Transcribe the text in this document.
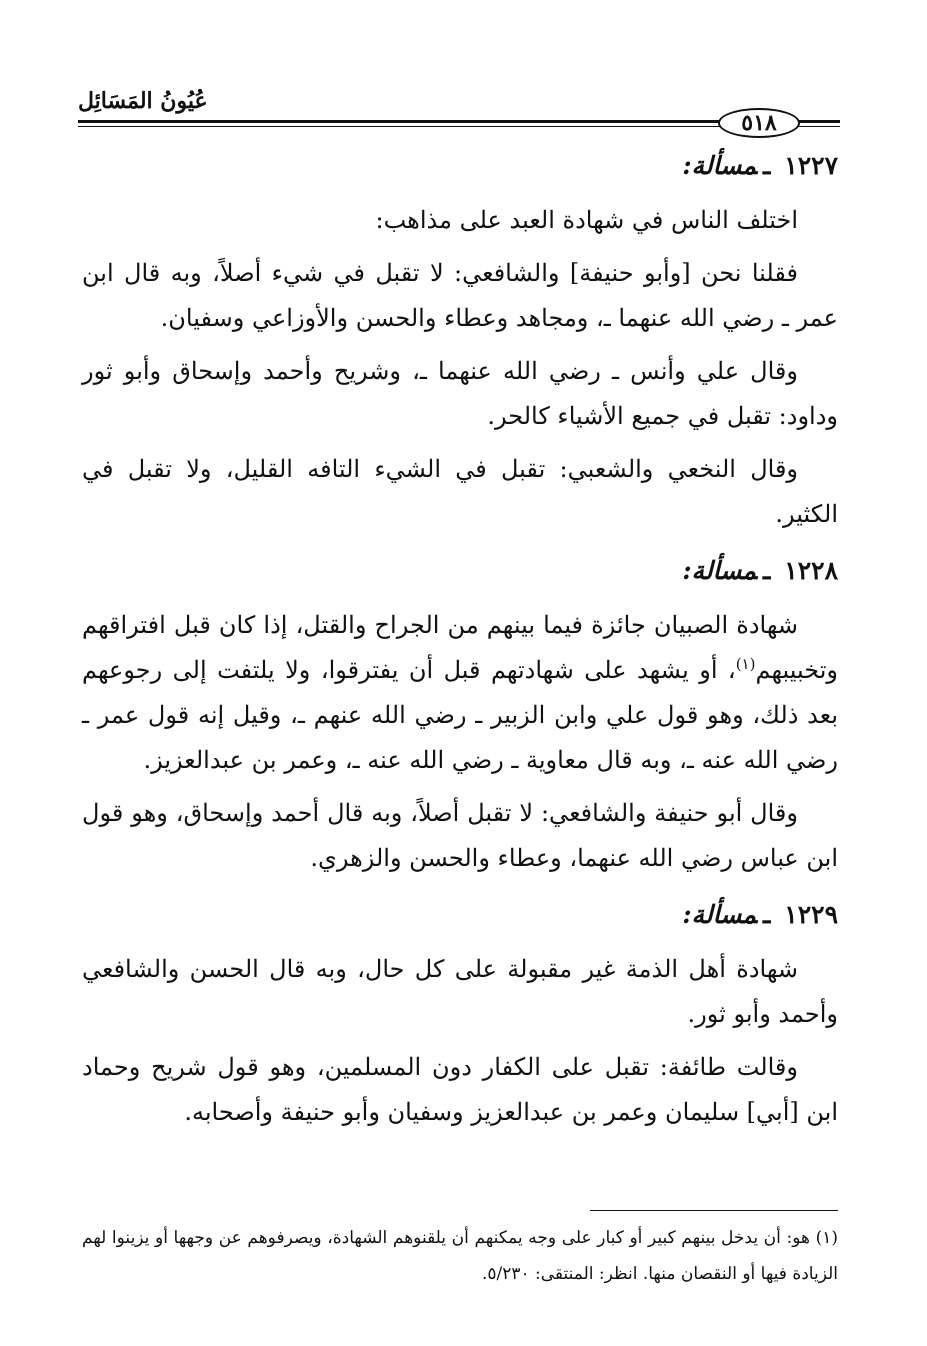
عُيُونُ المَسَائِل
٥١٨
١٢٢٧ـمسألة:

اختلف الناس في شهادة العبد على مذاهب:

فقلنا نحن [وأبو حنيفة] والشافعي: لا تقبل في شيء أصلاً، وبه قال ابن عمر ـ رضي الله عنهما ـ، ومجاهد وعطاء والحسن والأوزاعي وسفيان.

وقال علي وأنس ـ رضي الله عنهما ـ، وشريح وأحمد وإسحاق وأبو ثور وداود: تقبل في جميع الأشياء كالحر.

وقال النخعي والشعبي: تقبل في الشيء التافه القليل، ولا تقبل في الكثير.

١٢٢٨ـمسألة:

شهادة الصبيان جائزة فيما بينهم من الجراح والقتل، إذا كان قبل افتراقهم وتخبيبهم$^{(١)}$، أو يشهد على شهادتهم قبل أن يفترقوا، ولا يلتفت إلى رجوعهم بعد ذلك، وهو قول علي وابن الزبير ـ رضي الله عنهم ـ، وقيل إنه قول عمر ـ رضي الله عنه ـ، وبه قال معاوية ـ رضي الله عنه ـ، وعمر بن عبدالعزيز.

وقال أبو حنيفة والشافعي: لا تقبل أصلاً، وبه قال أحمد وإسحاق، وهو قول ابن عباس رضي الله عنهما، وعطاء والحسن والزهري.

١٢٢٩ـمسألة:

شهادة أهل الذمة غير مقبولة على كل حال، وبه قال الحسن والشافعي وأحمد وأبو ثور.

وقالت طائفة: تقبل على الكفار دون المسلمين، وهو قول شريح وحماد ابن [أبي] سليمان وعمر بن عبدالعزيز وسفيان وأبو حنيفة وأصحابه.

(١) هو: أن يدخل بينهم كبير أو كبار على وجه يمكنهم أن يلقنوهم الشهادة، ويصرفوهم عن وجهها أو يزينوا لهم الزيادة فيها أو النقصان منها. انظر: المنتقى: ٥/٢٣٠.
